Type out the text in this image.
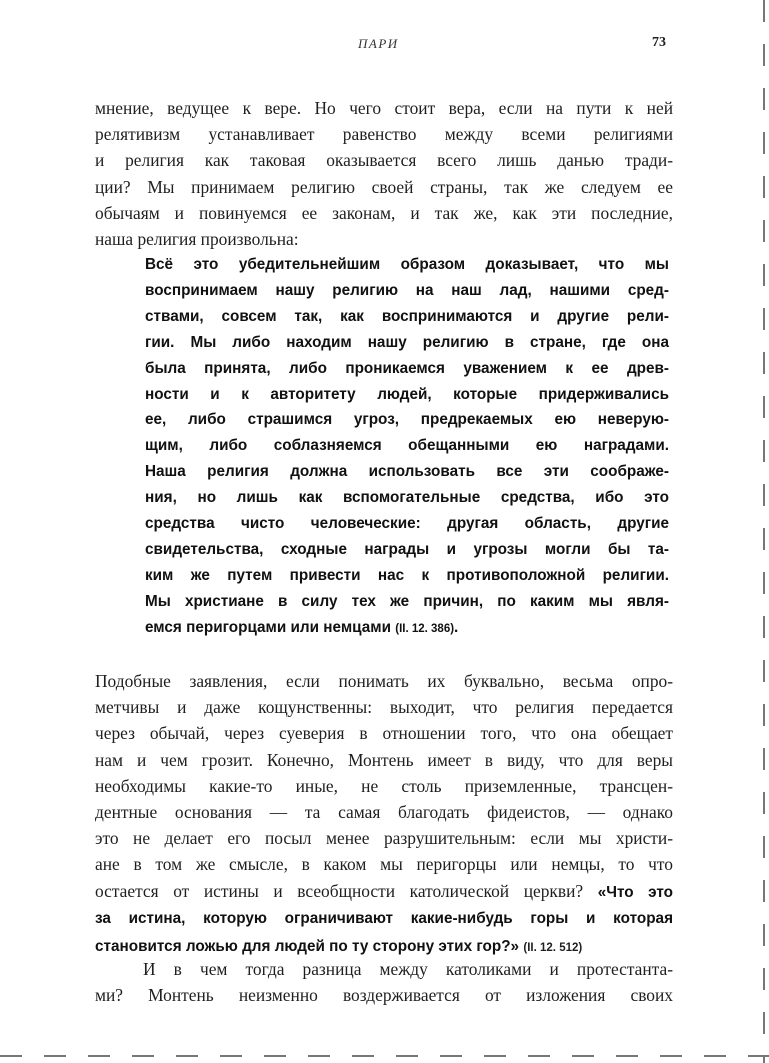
ПАРИ	73
мнение, ведущее к вере. Но чего стоит вера, если на пути к ней
релятивизм устанавливает равенство между всеми религиями
и религия как таковая оказывается всего лишь данью тради-
ции? Мы принимаем религию своей страны, так же следуем ее
обычаям и повинуемся ее законам, и так же, как эти последние,
наша религия произвольна:
Всё это убедительнейшим образом доказывает, что мы
воспринимаем нашу религию на наш лад, нашими сред-
ствами, совсем так, как воспринимаются и другие рели-
гии. Мы либо находим нашу религию в стране, где она
была принята, либо проникаемся уважением к ее древ-
ности и к авторитету людей, которые придерживались
ее, либо страшимся угроз, предрекаемых ею неверую-
щим, либо соблазняемся обещанными ею наградами.
Наша религия должна использовать все эти соображе-
ния, но лишь как вспомогательные средства, ибо это
средства чисто человеческие: другая область, другие
свидетельства, сходные награды и угрозы могли бы та-
ким же путем привести нас к противоположной религии.
Мы христиане в силу тех же причин, по каким мы явля-
емся перигорцами или немцами (II. 12. 386).
Подобные заявления, если понимать их буквально, весьма опро-
метчивы и даже кощунственны: выходит, что религия передается
через обычай, через суеверия в отношении того, что она обещает
нам и чем грозит. Конечно, Монтень имеет в виду, что для веры
необходимы какие-то иные, не столь приземленные, трансцен-
дентные основания — та самая благодать фидеистов, — однако
это не делает его посыл менее разрушительным: если мы христи-
ане в том же смысле, в каком мы перигорцы или немцы, то что
остается от истины и всеобщности католической церкви? «Что это
за истина, которую ограничивают какие-нибудь горы и которая
становится ложью для людей по ту сторону этих гор?» (II. 12. 512)
И в чем тогда разница между католиками и протестанта-
ми? Монтень неизменно воздерживается от изложения своих
